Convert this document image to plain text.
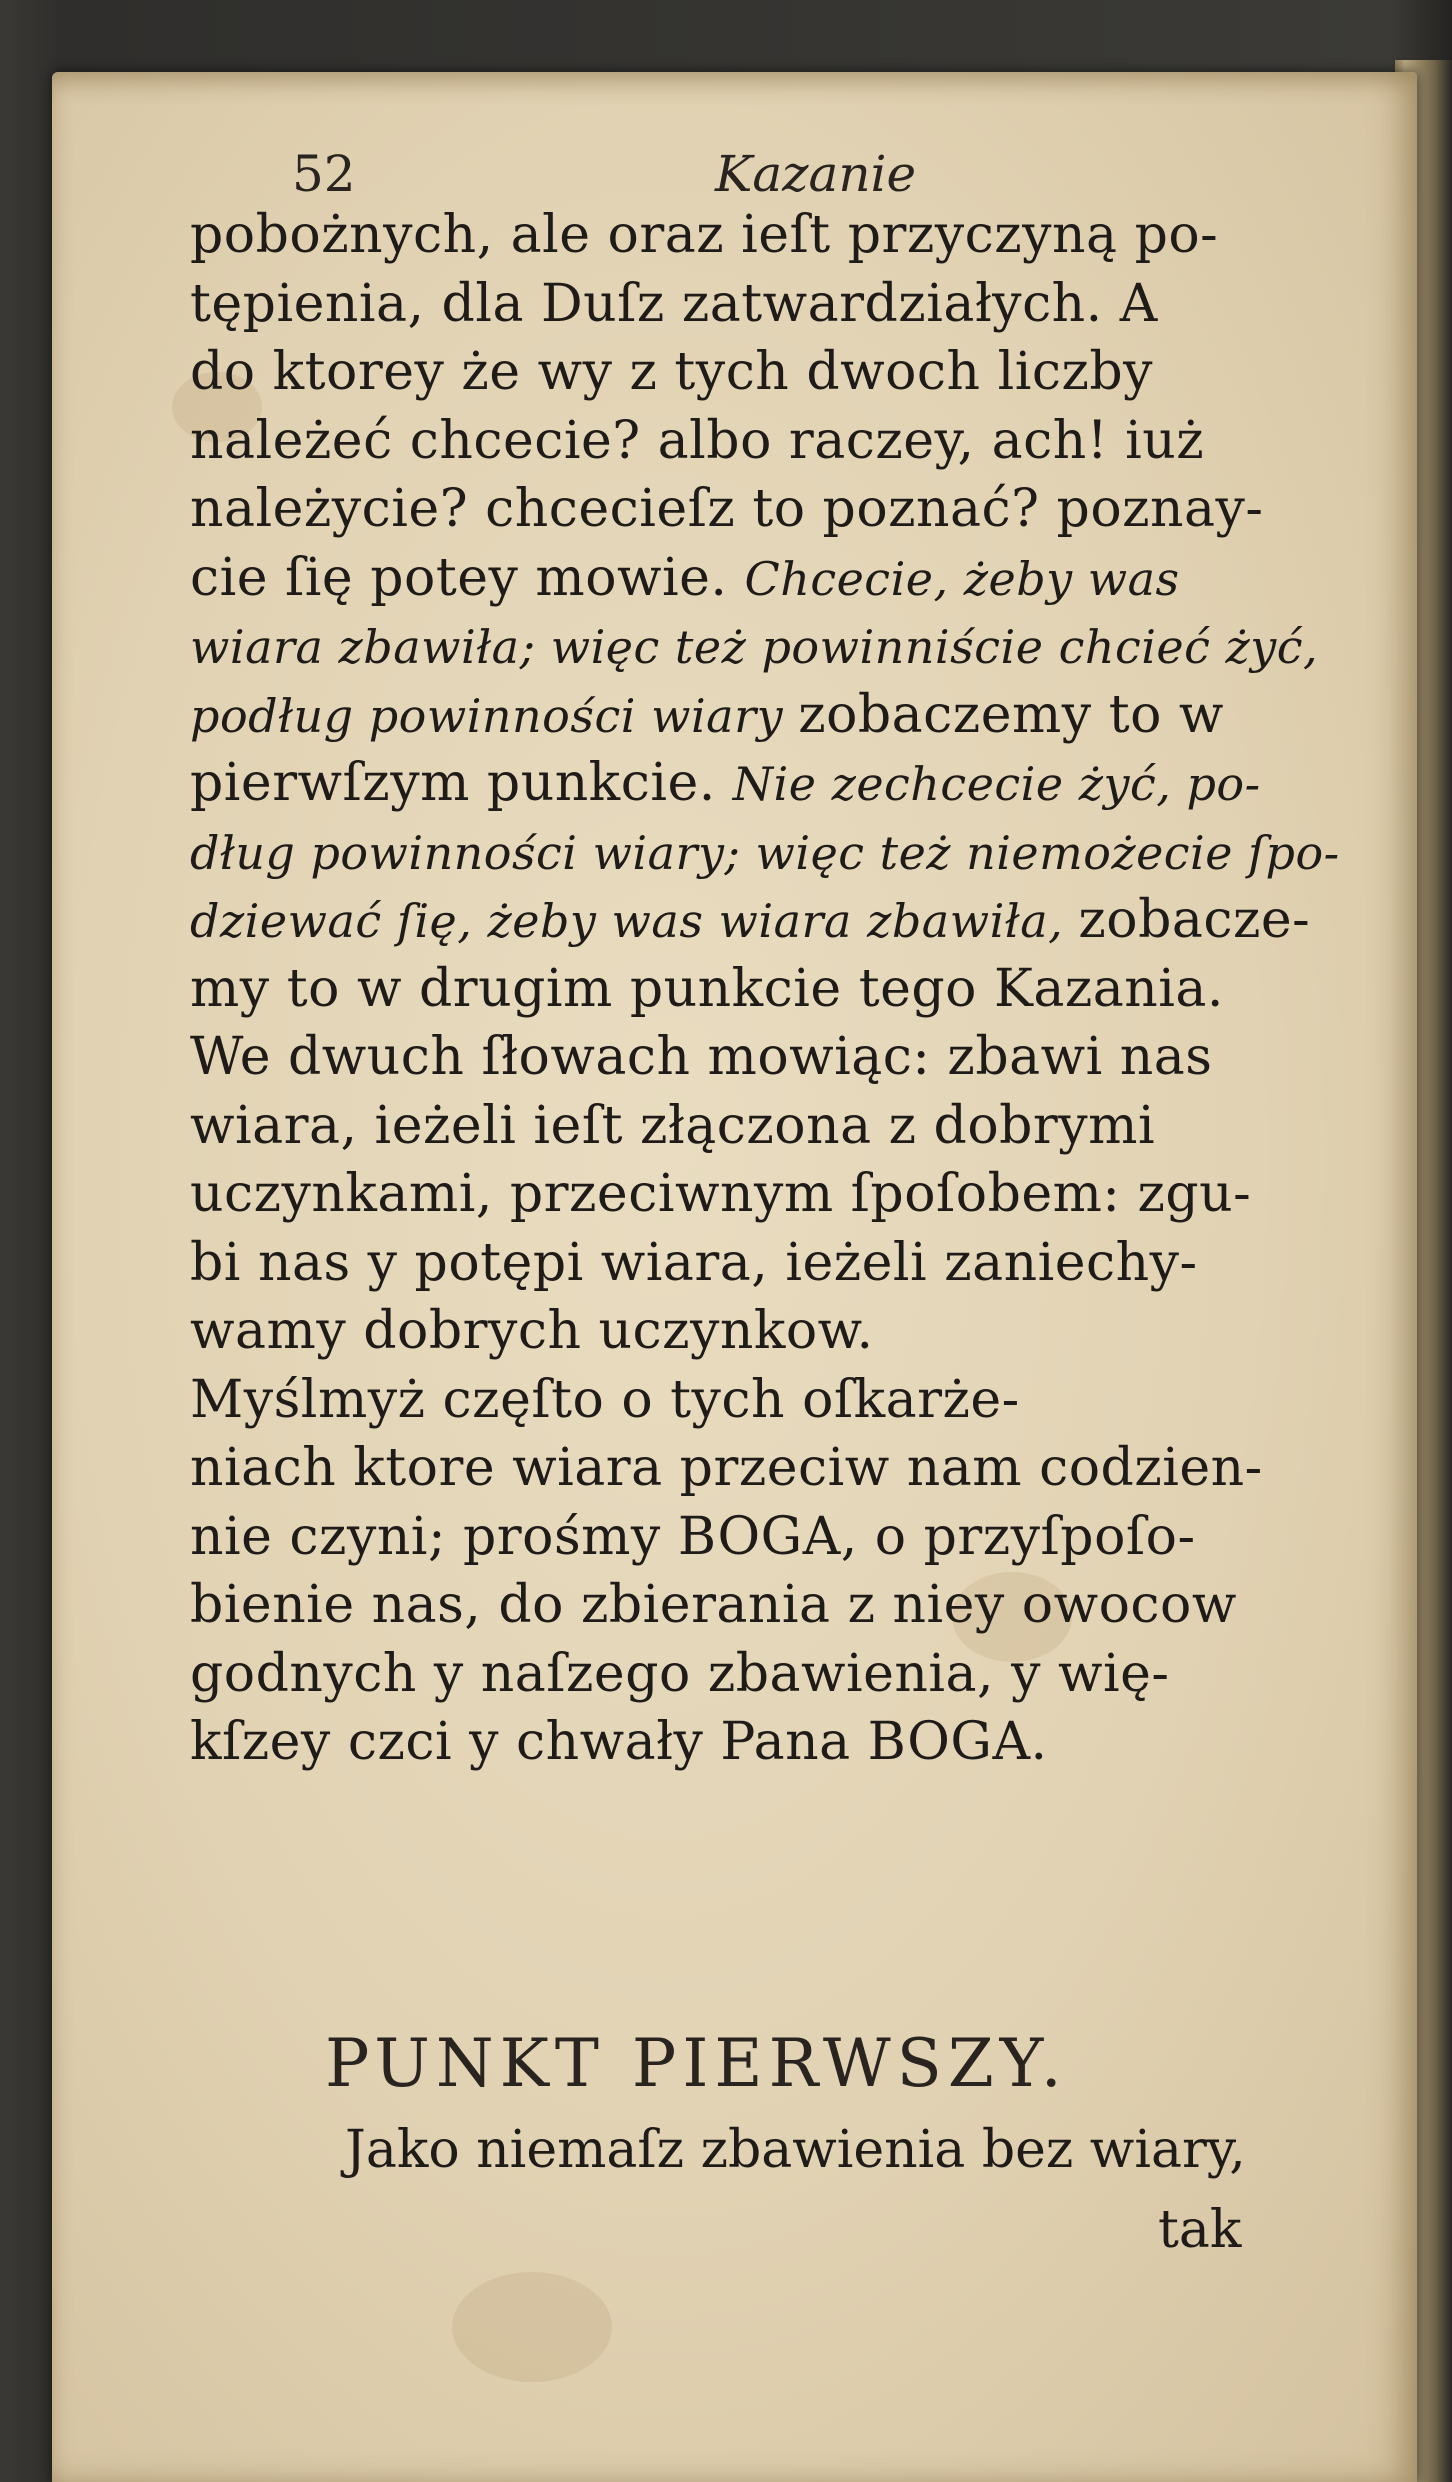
52	Kazanie
pobożnych, ale oraz ieſt przyczyną po-
tępienia, dla Duſz zatwardziałych. A
do ktorey że wy z tych dwoch liczby
należeć chcecie? albo raczey, ach! iuż
należycie? chcecieſz to poznać? poznay-
cie ſię potey mowie. Chcecie, żeby was
wiara zbawiła; więc też powinniście chcieć żyć,
podług powinności wiary zobaczemy to w
pierwſzym punkcie. Nie zechcecie żyć, po-
dług powinności wiary; więc też niemożecie ſpo-
dziewać ſię, żeby was wiara zbawiła, zobacze-
my to w drugim punkcie tego Kazania.
We dwuch ſłowach mowiąc: zbawi nas
wiara, ieżeli ieſt złączona z dobrymi
uczynkami, przeciwnym ſpoſobem: zgu-
bi nas y potępi wiara, ieżeli zaniechy-
wamy dobrych uczynkow.
Myślmyż częſto o tych oſkarże-
niach ktore wiara przeciw nam codzien-
nie czyni; prośmy BOGA, o przyſpoſo-
bienie nas, do zbierania z niey owocow
godnych y naſzego zbawienia, y wię-
kſzey czci y chwały Pana BOGA.
PUNKT PIERWSZY.
Jako niemaſz zbawienia bez wiary,
tak
